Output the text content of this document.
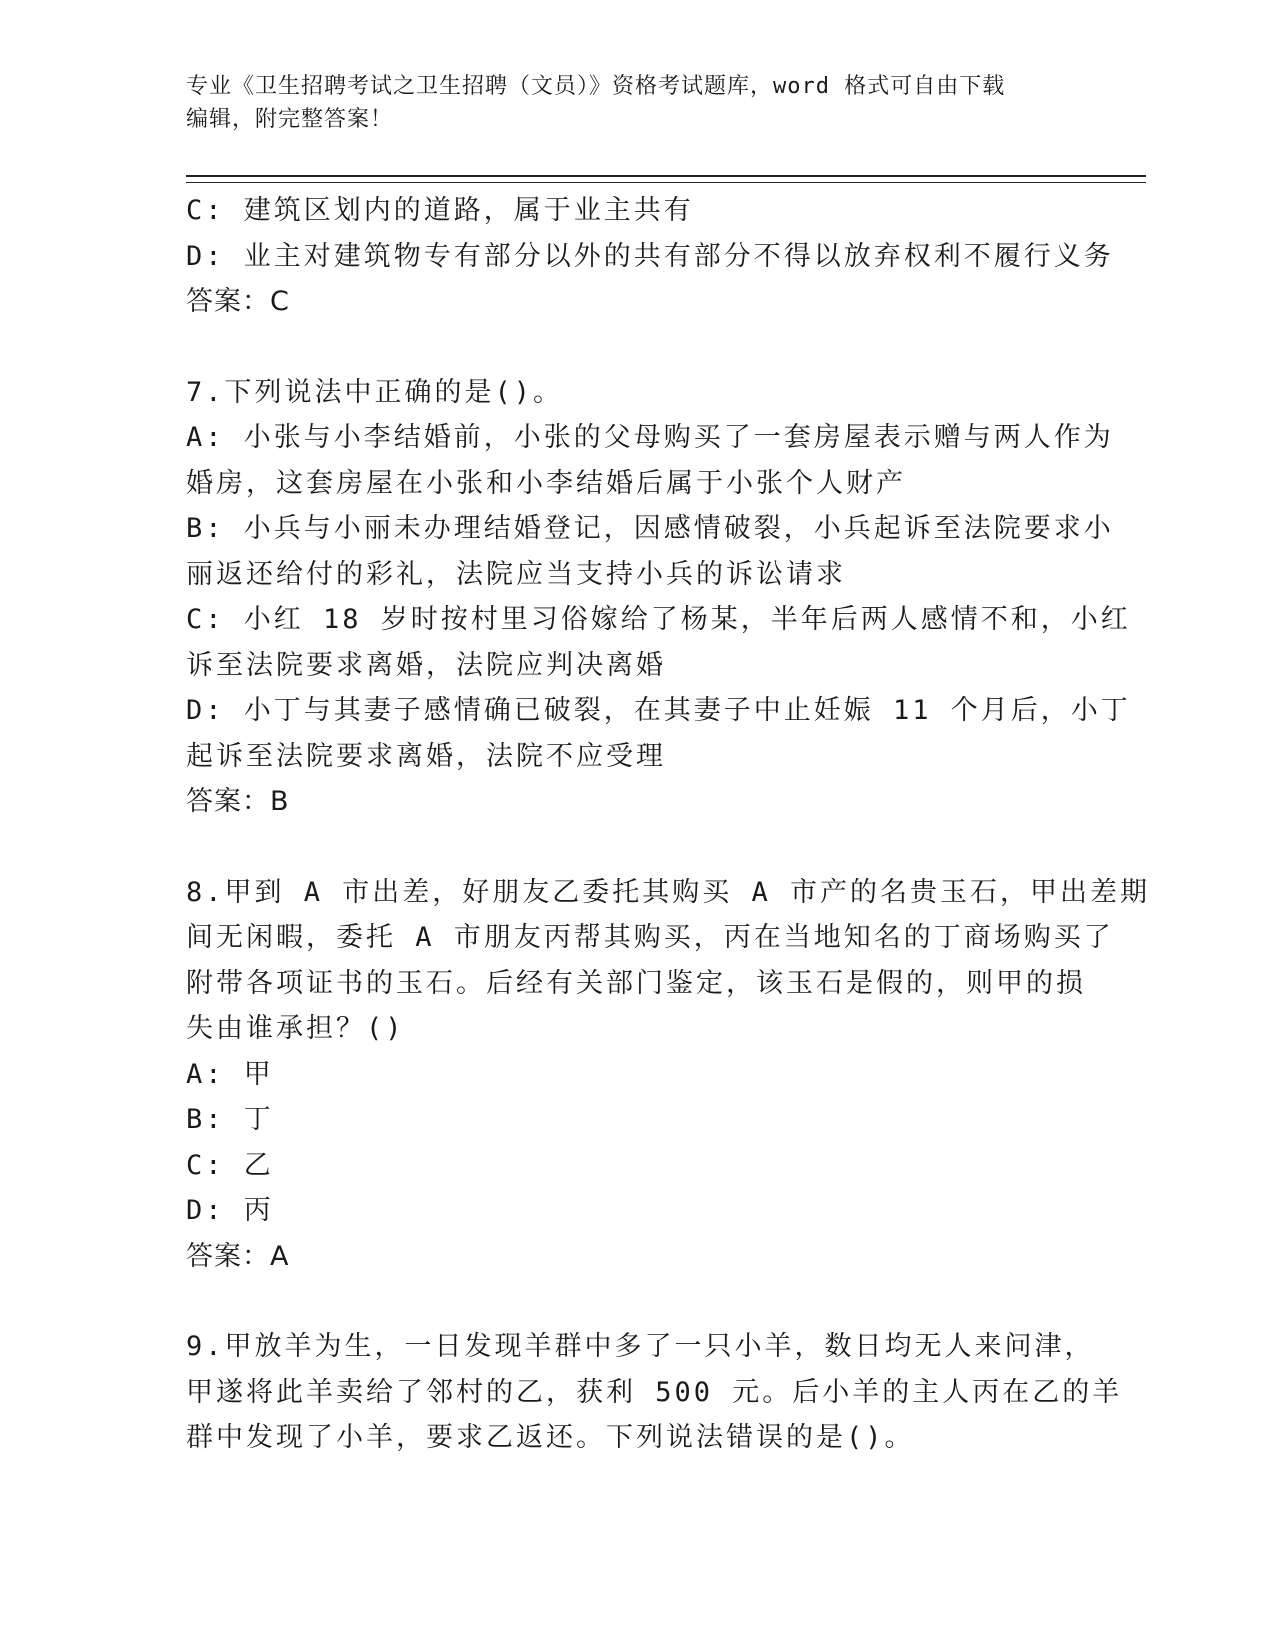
专业《卫生招聘考试之卫生招聘（文员）》资格考试题库，word 格式可自由下载
编辑，附完整答案！
C: 建筑区划内的道路，属于业主共有
D: 业主对建筑物专有部分以外的共有部分不得以放弃权利不履行义务
答案：C
7.下列说法中正确的是()。
A: 小张与小李结婚前，小张的父母购买了一套房屋表示赠与两人作为
婚房，这套房屋在小张和小李结婚后属于小张个人财产
B: 小兵与小丽未办理结婚登记，因感情破裂，小兵起诉至法院要求小
丽返还给付的彩礼，法院应当支持小兵的诉讼请求
C: 小红 18 岁时按村里习俗嫁给了杨某，半年后两人感情不和，小红
诉至法院要求离婚，法院应判决离婚
D: 小丁与其妻子感情确已破裂，在其妻子中止妊娠 11 个月后，小丁
起诉至法院要求离婚，法院不应受理
答案：B
8.甲到 A 市出差，好朋友乙委托其购买 A 市产的名贵玉石，甲出差期
间无闲暇，委托 A 市朋友丙帮其购买，丙在当地知名的丁商场购买了
附带各项证书的玉石。后经有关部门鉴定，该玉石是假的，则甲的损
失由谁承担？()
A: 甲
B: 丁
C: 乙
D: 丙
答案：A
9.甲放羊为生，一日发现羊群中多了一只小羊，数日均无人来问津，
甲遂将此羊卖给了邻村的乙，获利 500 元。后小羊的主人丙在乙的羊
群中发现了小羊，要求乙返还。下列说法错误的是()。
